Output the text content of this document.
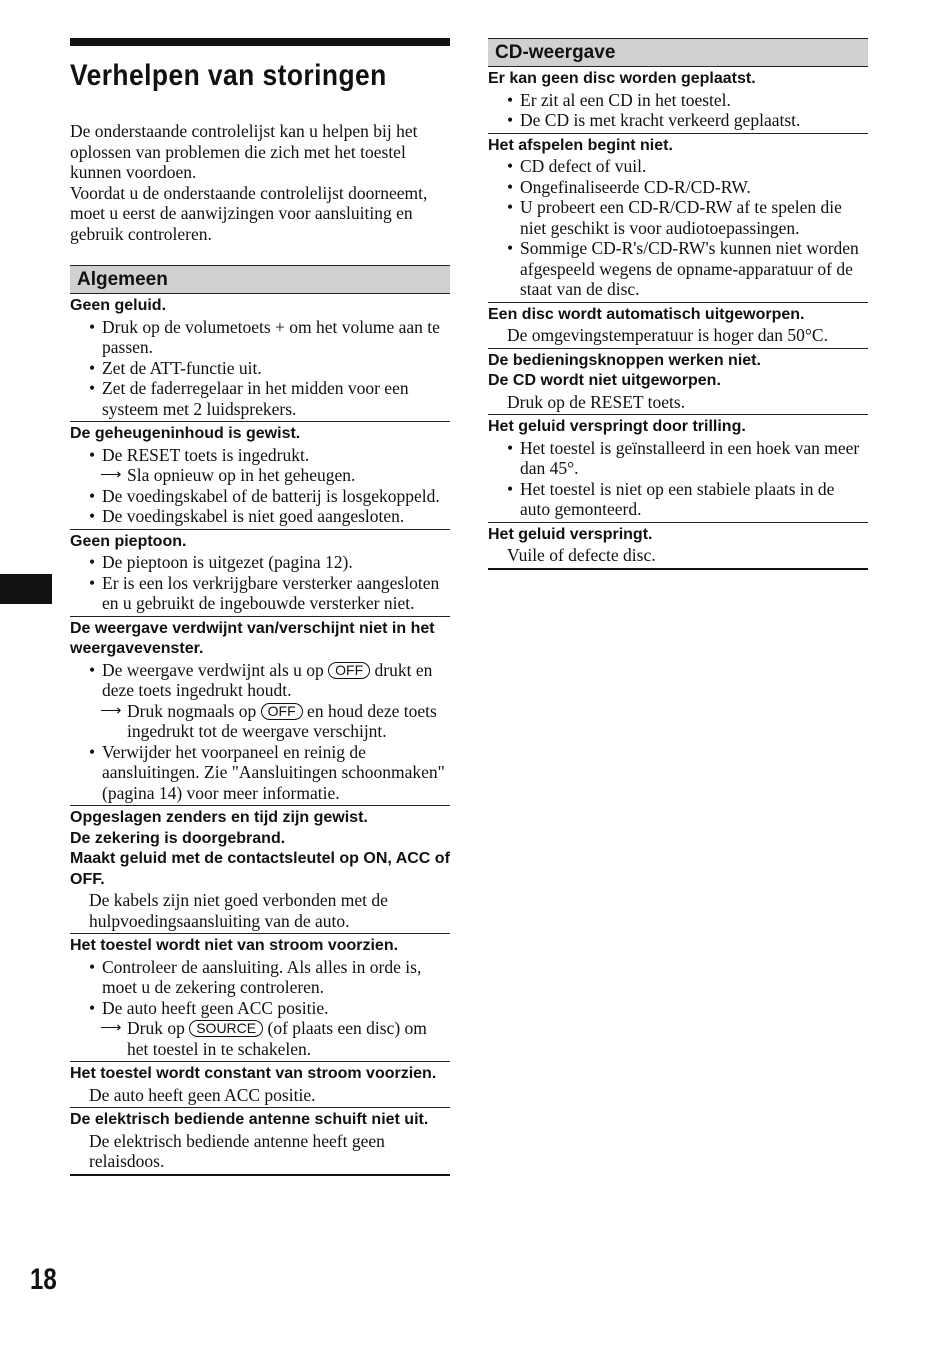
18
Verhelpen van storingen

De onderstaande controlelijst kan u helpen bij het oplossen van problemen die zich met het toestel kunnen voordoen.

Voordat u de onderstaande controlelijst doorneemt, moet u eerst de aanwijzingen voor aansluiting en gebruik controleren.

Algemeen
Geen geluid.
• Druk op de volumetoets + om het volume aan te passen.
• Zet de ATT-functie uit.
• Zet de faderregelaar in het midden voor een systeem met 2 luidsprekers.
De geheugeninhoud is gewist.
• De RESET toets is ingedrukt.
⟶ Sla opnieuw op in het geheugen.
• De voedingskabel of de batterij is losgekoppeld.
• De voedingskabel is niet goed aangesloten.
Geen pieptoon.
• De pieptoon is uitgezet (pagina 12).
• Er is een los verkrijgbare versterker aangesloten en u gebruikt de ingebouwde versterker niet.
De weergave verdwijnt van/verschijnt niet in het weergavevenster.
• De weergave verdwijnt als u op OFF drukt en deze toets ingedrukt houdt.
⟶ Druk nogmaals op OFF en houd deze toets ingedrukt tot de weergave verschijnt.
• Verwijder het voorpaneel en reinig de aansluitingen. Zie "Aansluitingen schoonmaken" (pagina 14) voor meer informatie.
Opgeslagen zenders en tijd zijn gewist.
De zekering is doorgebrand.
Maakt geluid met de contactsleutel op ON, ACC of OFF.
De kabels zijn niet goed verbonden met de hulpvoedingsaansluiting van de auto.
Het toestel wordt niet van stroom voorzien.
• Controleer de aansluiting. Als alles in orde is, moet u de zekering controleren.
• De auto heeft geen ACC positie.
⟶ Druk op SOURCE (of plaats een disc) om het toestel in te schakelen.
Het toestel wordt constant van stroom voorzien.
De auto heeft geen ACC positie.
De elektrisch bediende antenne schuift niet uit.
De elektrisch bediende antenne heeft geen relaisdoos.
CD-weergave
Er kan geen disc worden geplaatst.
• Er zit al een CD in het toestel.
• De CD is met kracht verkeerd geplaatst.
Het afspelen begint niet.
• CD defect of vuil.
• Ongefinaliseerde CD-R/CD-RW.
• U probeert een CD-R/CD-RW af te spelen die niet geschikt is voor audiotoepassingen.
• Sommige CD-R's/CD-RW's kunnen niet worden afgespeeld wegens de opname-apparatuur of de staat van de disc.
Een disc wordt automatisch uitgeworpen.
De omgevingstemperatuur is hoger dan 50°C.
De bedieningsknoppen werken niet.
De CD wordt niet uitgeworpen.
Druk op de RESET toets.
Het geluid verspringt door trilling.
• Het toestel is geïnstalleerd in een hoek van meer dan 45°.
• Het toestel is niet op een stabiele plaats in de auto gemonteerd.
Het geluid verspringt.
Vuile of defecte disc.
